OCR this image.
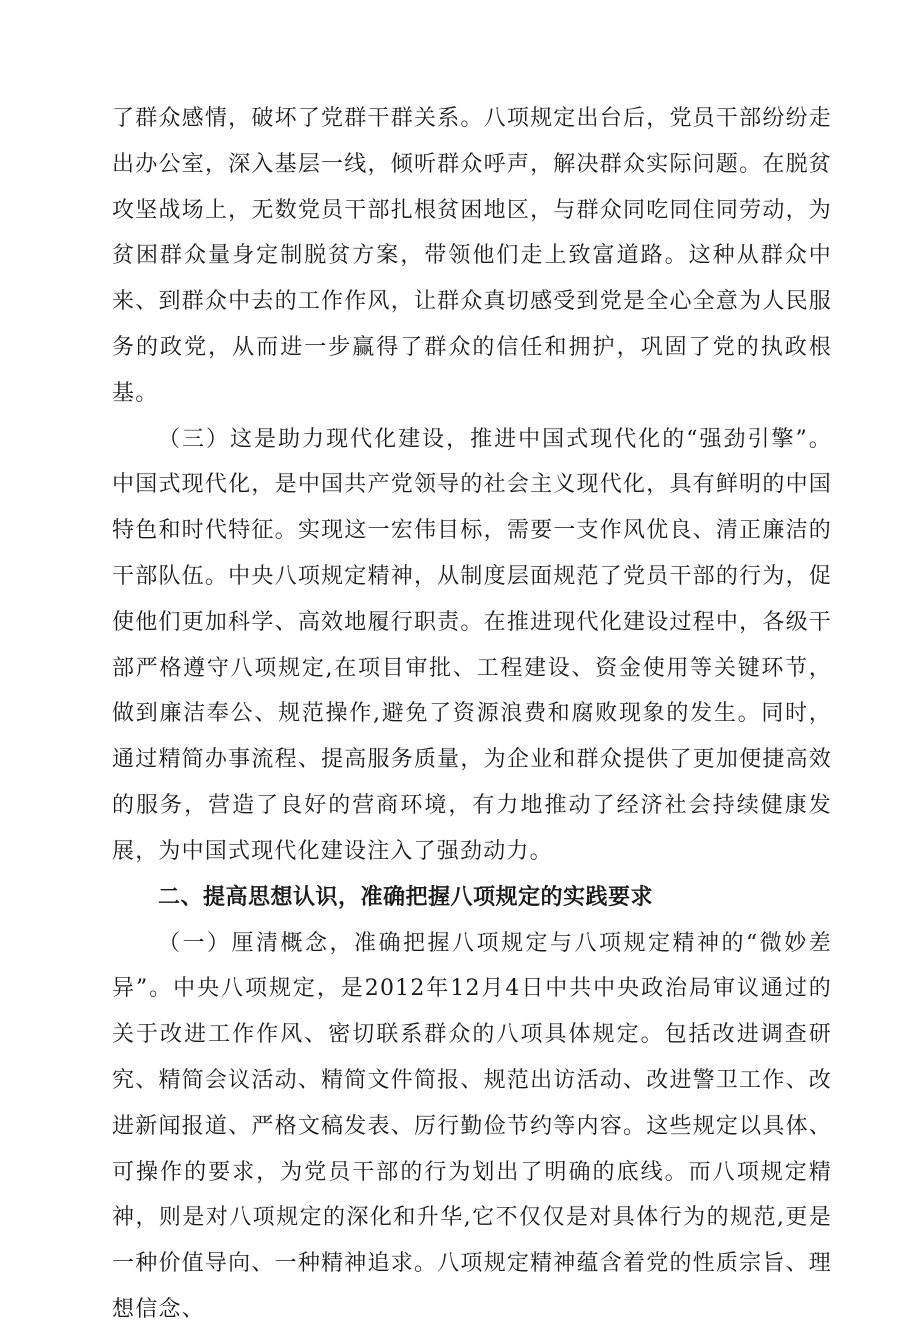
了群众感情，破坏了党群干群关系。八项规定出台后，党员干部纷纷走出办公室，深入基层一线，倾听群众呼声，解决群众实际问题。在脱贫攻坚战场上，无数党员干部扎根贫困地区，与群众同吃同住同劳动，为贫困群众量身定制脱贫方案，带领他们走上致富道路。这种从群众中来、到群众中去的工作作风，让群众真切感受到党是全心全意为人民服务的政党，从而进一步赢得了群众的信任和拥护，巩固了党的执政根基。

（三）这是助力现代化建设，推进中国式现代化的“强劲引擎”。中国式现代化，是中国共产党领导的社会主义现代化，具有鲜明的中国特色和时代特征。实现这一宏伟目标，需要一支作风优良、清正廉洁的干部队伍。中央八项规定精神，从制度层面规范了党员干部的行为，促使他们更加科学、高效地履行职责。在推进现代化建设过程中，各级干部严格遵守八项规定,在项目审批、工程建设、资金使用等关键环节，做到廉洁奉公、规范操作,避免了资源浪费和腐败现象的发生。同时，通过精简办事流程、提高服务质量，为企业和群众提供了更加便捷高效的服务，营造了良好的营商环境，有力地推动了经济社会持续健康发展，为中国式现代化建设注入了强劲动力。

二、提高思想认识，准确把握八项规定的实践要求

（一）厘清概念，准确把握八项规定与八项规定精神的“微妙差异”。中央八项规定，是2012年12月4日中共中央政治局审议通过的关于改进工作作风、密切联系群众的八项具体规定。包括改进调查研究、精简会议活动、精简文件简报、规范出访活动、改进警卫工作、改进新闻报道、严格文稿发表、厉行勤俭节约等内容。这些规定以具体、可操作的要求，为党员干部的行为划出了明确的底线。而八项规定精神，则是对八项规定的深化和升华,它不仅仅是对具体行为的规范,更是一种价值导向、一种精神追求。八项规定精神蕴含着党的性质宗旨、理想信念、
